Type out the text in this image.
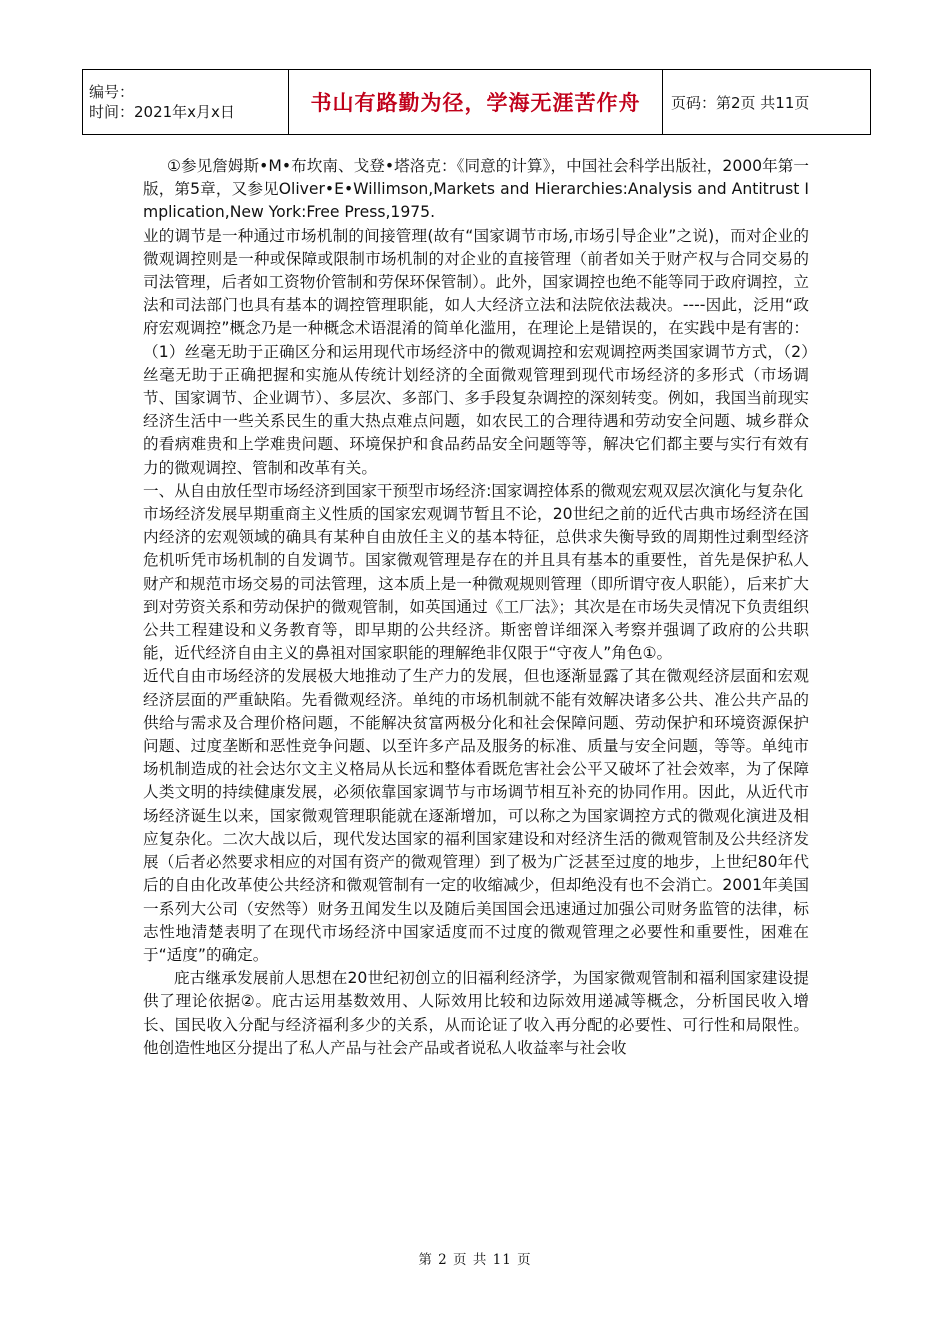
编号：
时间：2021年x月x日	书山有路勤为径，学海无涯苦作舟	页码：第2页 共11页

①参见詹姆斯•M•布坎南、戈登•塔洛克：《同意的计算》，中国社会科学出版社，2000年第一版，第5章，又参见Oliver•E•Willimson,Markets and Hierarchies:Analysis and Antitrust Implication,New York:Free Press,1975.

业的调节是一种通过市场机制的间接管理(故有“国家调节市场,市场引导企业”之说)，而对企业的微观调控则是一种或保障或限制市场机制的对企业的直接管理（前者如关于财产权与合同交易的司法管理，后者如工资物价管制和劳保环保管制）。此外，国家调控也绝不能等同于政府调控，立法和司法部门也具有基本的调控管理职能，如人大经济立法和法院依法裁决。----因此，泛用“政府宏观调控”概念乃是一种概念术语混淆的简单化滥用，在理论上是错误的，在实践中是有害的：（1）丝毫无助于正确区分和运用现代市场经济中的微观调控和宏观调控两类国家调节方式，（2）丝毫无助于正确把握和实施从传统计划经济的全面微观管理到现代市场经济的多形式（市场调节、国家调节、企业调节）、多层次、多部门、多手段复杂调控的深刻转变。例如，我国当前现实经济生活中一些关系民生的重大热点难点问题，如农民工的合理待遇和劳动安全问题、城乡群众的看病难贵和上学难贵问题、环境保护和食品药品安全问题等等，解决它们都主要与实行有效有力的微观调控、管制和改革有关。

一、从自由放任型市场经济到国家干预型市场经济:国家调控体系的微观宏观双层次演化与复杂化

市场经济发展早期重商主义性质的国家宏观调节暂且不论，20世纪之前的近代古典市场经济在国内经济的宏观领域的确具有某种自由放任主义的基本特征，总供求失衡导致的周期性过剩型经济危机听凭市场机制的自发调节。国家微观管理是存在的并且具有基本的重要性，首先是保护私人财产和规范市场交易的司法管理，这本质上是一种微观规则管理（即所谓守夜人职能），后来扩大到对劳资关系和劳动保护的微观管制，如英国通过《工厂法》；其次是在市场失灵情况下负责组织公共工程建设和义务教育等，即早期的公共经济。斯密曾详细深入考察并强调了政府的公共职能，近代经济自由主义的鼻祖对国家职能的理解绝非仅限于“守夜人”角色①。

近代自由市场经济的发展极大地推动了生产力的发展，但也逐渐显露了其在微观经济层面和宏观经济层面的严重缺陷。先看微观经济。单纯的市场机制就不能有效解决诸多公共、准公共产品的供给与需求及合理价格问题，不能解决贫富两极分化和社会保障问题、劳动保护和环境资源保护问题、过度垄断和恶性竞争问题、以至许多产品及服务的标准、质量与安全问题，等等。单纯市场机制造成的社会达尔文主义格局从长远和整体看既危害社会公平又破坏了社会效率，为了保障人类文明的持续健康发展，必须依靠国家调节与市场调节相互补充的协同作用。因此，从近代市场经济诞生以来，国家微观管理职能就在逐渐增加，可以称之为国家调控方式的微观化演进及相应复杂化。二次大战以后，现代发达国家的福利国家建设和对经济生活的微观管制及公共经济发展（后者必然要求相应的对国有资产的微观管理）到了极为广泛甚至过度的地步，上世纪80年代后的自由化改革使公共经济和微观管制有一定的收缩减少，但却绝没有也不会消亡。2001年美国一系列大公司（安然等）财务丑闻发生以及随后美国国会迅速通过加强公司财务监管的法律，标志性地清楚表明了在现代市场经济中国家适度而不过度的微观管理之必要性和重要性，困难在于“适度”的确定。

庇古继承发展前人思想在20世纪初创立的旧福利经济学，为国家微观管制和福利国家建设提供了理论依据②。庇古运用基数效用、人际效用比较和边际效用递减等概念，分析国民收入增长、国民收入分配与经济福利多少的关系，从而论证了收入再分配的必要性、可行性和局限性。他创造性地区分提出了私人产品与社会产品或者说私人收益率与社会收

第 2 页 共 11 页
